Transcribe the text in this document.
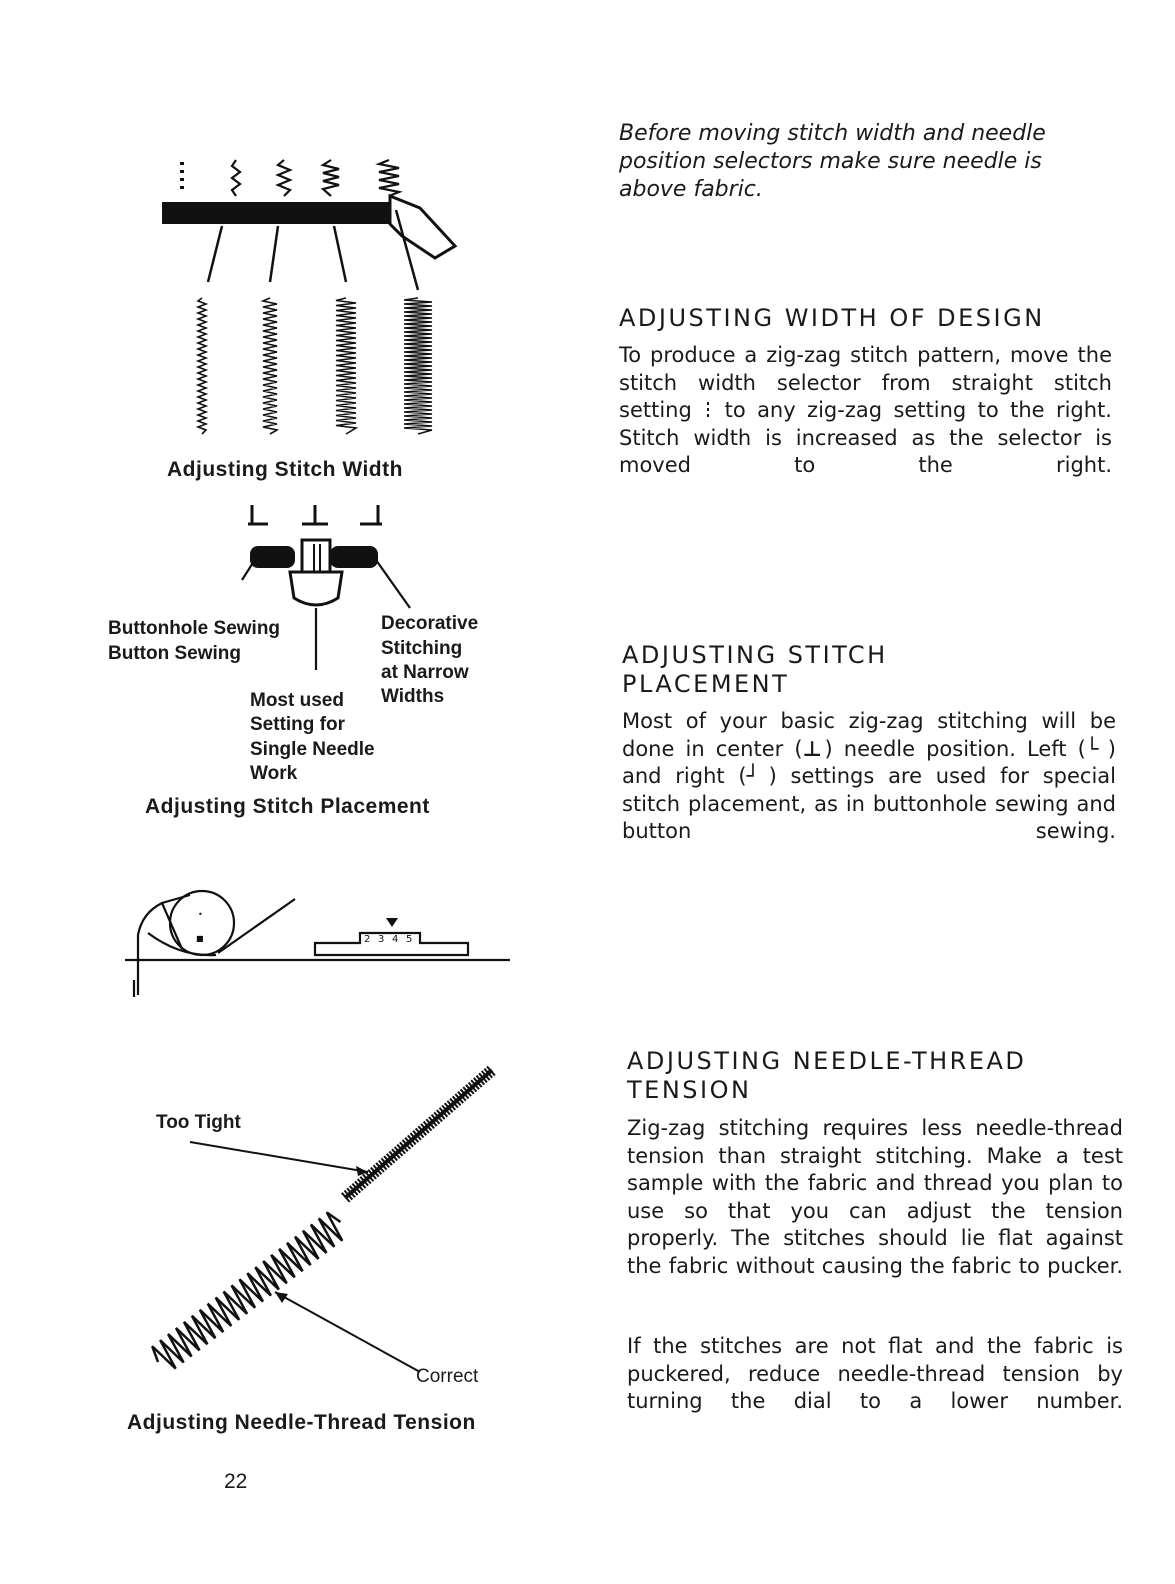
Before moving stitch width and needle position selectors make sure needle is above fabric.
ADJUSTING WIDTH OF DESIGN

To produce a zig-zag stitch pattern, move the stitch width selector from straight stitch setting to any zig-zag setting to the right. Stitch width is increased as the selector is moved to the right.

ADJUSTING STITCH
PLACEMENT

Most of your basic zig-zag stitching will be done in center (⊥ ) needle position. Left (└ ) and right (┘ ) settings are used for special stitch placement, as in buttonhole sewing and button sewing.

ADJUSTING NEEDLE-THREAD
TENSION

Zig-zag stitching requires less needle-thread tension than straight stitching. Make a test sample with the fabric and thread you plan to use so that you can adjust the tension properly. The stitches should lie flat against the fabric without causing the fabric to pucker.

If the stitches are not flat and the fabric is puckered, reduce needle-thread tension by turning the dial to a lower number.

Adjusting Stitch Width
Buttonhole Sewing
Button Sewing
Decorative
Stitching
at Narrow
Widths
Most used
Setting for
Single Needle
Work
Adjusting Stitch Placement
•
■	2 3 4 5
Too Tight
Correct
Adjusting Needle-Thread Tension
22
